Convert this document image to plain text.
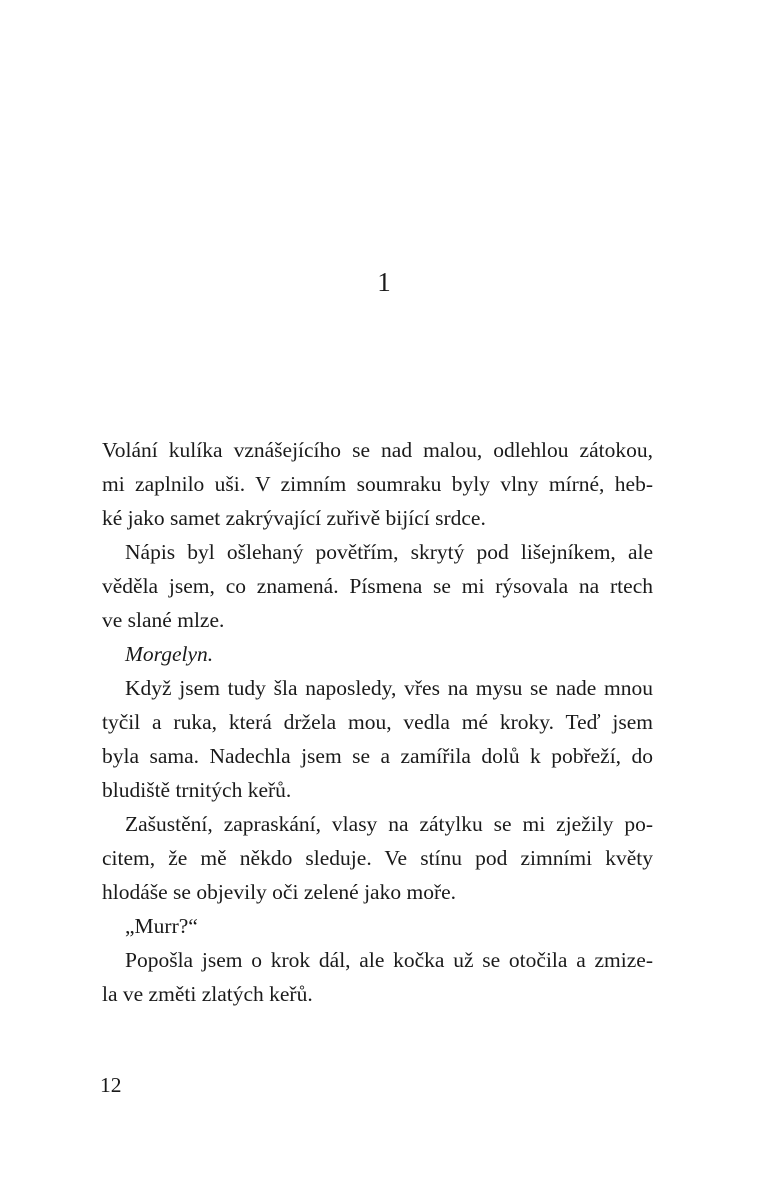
1
Volání kulíka vznášejícího se nad malou, odlehlou zátokou,
mi zaplnilo uši. V zimním soumraku byly vlny mírné, heb-
ké jako samet zakrývající zuřivě bijící srdce.
Nápis byl ošlehaný povětřím, skrytý pod lišejníkem, ale
věděla jsem, co znamená. Písmena se mi rýsovala na rtech
ve slané mlze.
Morgelyn.
Když jsem tudy šla naposledy, vřes na mysu se nade mnou
tyčil a ruka, která držela mou, vedla mé kroky. Teď jsem
byla sama. Nadechla jsem se a zamířila dolů k pobřeží, do
bludiště trnitých keřů.
Zašustění, zapraskání, vlasy na zátylku se mi zježily po-
citem, že mě někdo sleduje. Ve stínu pod zimními květy
hlodáše se objevily oči zelené jako moře.
„Murr?“
Popošla jsem o krok dál, ale kočka už se otočila a zmize-
la ve změti zlatých keřů.
12
